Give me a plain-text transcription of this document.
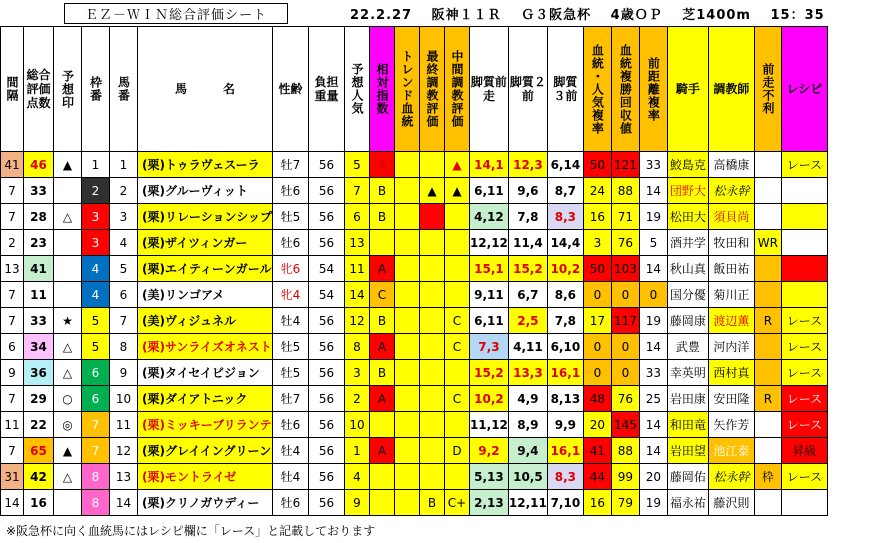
ＥＺ－ＷＩＮ総合評価シート	22.2.27　 阪神１１Ｒ　 Ｇ３阪急杯　 4歳ＯＰ　 芝1400m　 15：35
間隔	総合評価点数	予想印	枠番	馬番	馬　　　名	性齢	負担重量	予想人気	相対指数	トレンド血統	最終調教評価	中間調教評価	脚質前走	脚質２前	脚質３前	血統・人気複率	血統複勝回収値	前距離複率	騎手	調教師	前走不利	レシピ
41	46	▲	1	1	(栗)トゥラヴェスーラ	牡7	56	5	A			▲	14,1	12,3	6,14	50	121	33	鮫島克	高橋康		レース
7	33		2	2	(栗)グルーヴィット	牡6	56	7	B		▲	▲	6,11	9,6	8,7	24	88	14	団野大	松永幹		
7	28	△	3	3	(栗)リレーションシップ	牡5	56	6	B				4,12	7,8	8,3	16	71	19	松田大	須貝尚		
2	23		3	4	(栗)ザイツィンガー	牡6	56	13					12,12	11,4	14,4	3	76	5	酒井学	牧田和	WR	
13	41		4	5	(栗)エイティーンガール	牝6	54	11	A				15,1	15,2	10,2	50	103	14	秋山真	飯田祐		
7	11		4	6	(美)リンゴアメ	牝4	54	14	C				9,11	6,7	8,6	0	0	0	国分優	菊川正		
7	33	★	5	7	(美)ヴィジュネル	牡4	56	12	B			C	6,11	2,5	7,8	17	117	19	藤岡康	渡辺薫	R	レース
6	34	△	5	8	(栗)サンライズオネスト	牡5	56	8	A			C	7,3	4,11	6,10	0	0	14	武豊	河内洋		レース
9	36	△	6	9	(栗)タイセイビジョン	牡5	56	3	B				15,2	13,3	16,1	0	0	33	幸英明	西村真		レース
7	29	○	6	10	(栗)ダイアトニック	牡7	56	2	A			C	10,2	4,9	8,13	48	76	25	岩田康	安田隆	R	レース
11	22	◎	7	11	(栗)ミッキーブリランテ	牡6	56	10					11,12	8,9	9,9	20	145	14	和田竜	矢作芳		レース
7	65	▲	7	12	(栗)グレイイングリーン	牡4	56	1	A			D	9,2	9,4	16,1	41	88	14	岩田望	池江泰		昇級
31	42	△	8	13	(栗)モントライゼ	牡4	56	4					5,13	10,5	8,3	44	99	20	藤岡佑	松永幹	枠	レース
14	16		8	14	(栗)クリノガウディー	牡6	56	9			B	C+	2,13	12,11	7,10	16	79	19	福永祐	藤沢則		
※阪急杯に向く血統馬にはレシピ欄に「レース」と記載しております
